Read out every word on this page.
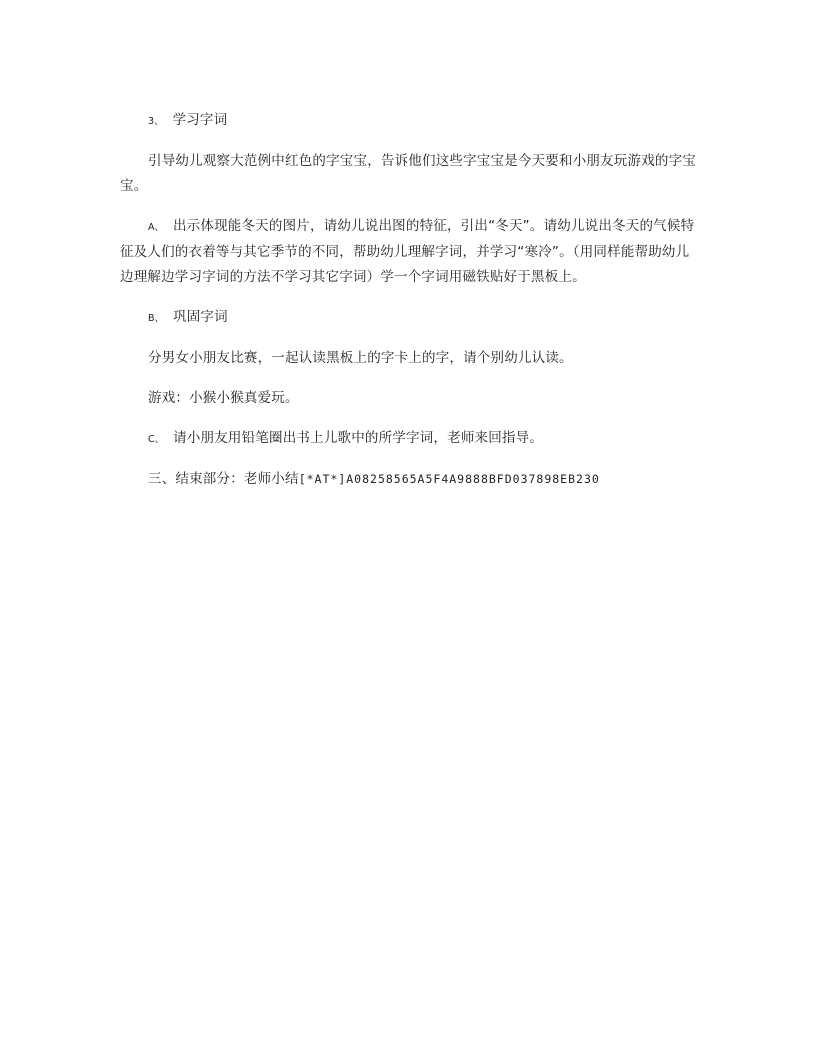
3、 学习字词

引导幼儿观察大范例中红色的字宝宝，告诉他们这些字宝宝是今天要和小朋友玩游戏的字宝宝。

A、 出示体现能冬天的图片，请幼儿说出图的特征，引出“冬天”。请幼儿说出冬天的气候特征及人们的衣着等与其它季节的不同，帮助幼儿理解字词，并学习“寒冷”。（用同样能帮助幼儿边理解边学习字词的方法不学习其它字词）学一个字词用磁铁贴好于黑板上。

B、 巩固字词

分男女小朋友比赛，一起认读黑板上的字卡上的字，请个别幼儿认读。

游戏：小猴小猴真爱玩。

C、 请小朋友用铅笔圈出书上儿歌中的所学字词，老师来回指导。

三、结束部分：老师小结[*AT*]A08258565A5F4A9888BFD037898EB230
